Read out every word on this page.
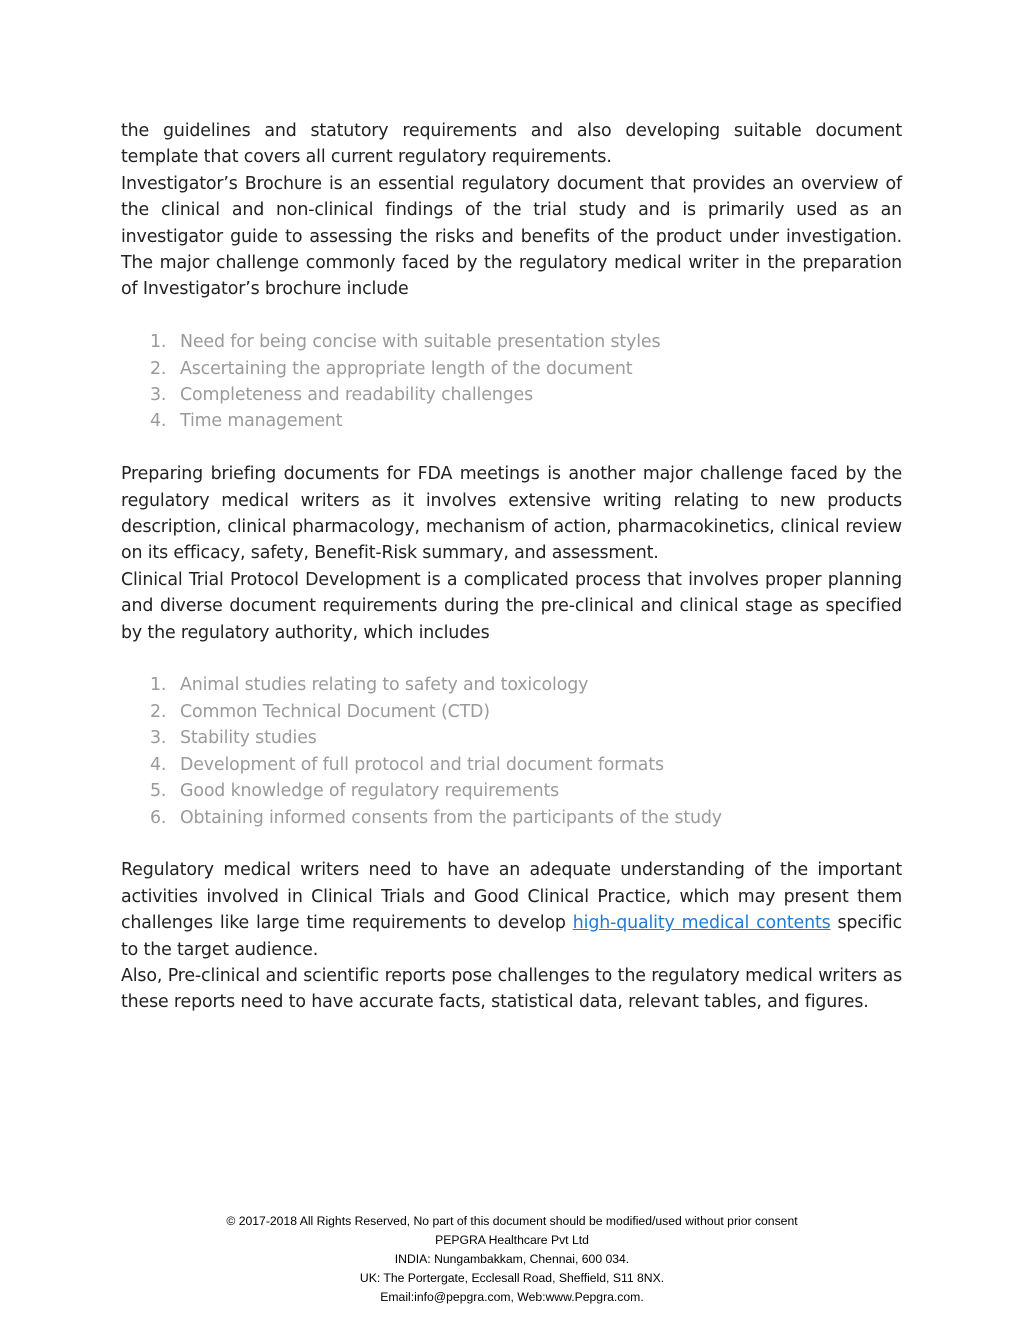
the guidelines and statutory requirements and also developing suitable document template that covers all current regulatory requirements.

Investigator’s Brochure is an essential regulatory document that provides an overview of the clinical and non-clinical findings of the trial study and is primarily used as an investigator guide to assessing the risks and benefits of the product under investigation. The major challenge commonly faced by the regulatory medical writer in the preparation of Investigator’s brochure include

1. Need for being concise with suitable presentation styles
2. Ascertaining the appropriate length of the document
3. Completeness and readability challenges
4. Time management

Preparing briefing documents for FDA meetings is another major challenge faced by the regulatory medical writers as it involves extensive writing relating to new products description, clinical pharmacology, mechanism of action, pharmacokinetics, clinical review on its efficacy, safety, Benefit-Risk summary, and assessment.

Clinical Trial Protocol Development is a complicated process that involves proper planning and diverse document requirements during the pre-clinical and clinical stage as specified by the regulatory authority, which includes

1. Animal studies relating to safety and toxicology
2. Common Technical Document (CTD)
3. Stability studies
4. Development of full protocol and trial document formats
5. Good knowledge of regulatory requirements
6. Obtaining informed consents from the participants of the study

Regulatory medical writers need to have an adequate understanding of the important activities involved in Clinical Trials and Good Clinical Practice, which may present them challenges like large time requirements to develop high-quality medical contents specific to the target audience.

Also, Pre-clinical and scientific reports pose challenges to the regulatory medical writers as these reports need to have accurate facts, statistical data, relevant tables, and figures.

© 2017-2018 All Rights Reserved, No part of this document should be modified/used without prior consent
PEPGRA Healthcare Pvt Ltd
INDIA: Nungambakkam, Chennai, 600 034.
UK: The Portergate, Ecclesall Road, Sheffield, S11 8NX.
Email:info@pepgra.com, Web:www.Pepgra.com.
